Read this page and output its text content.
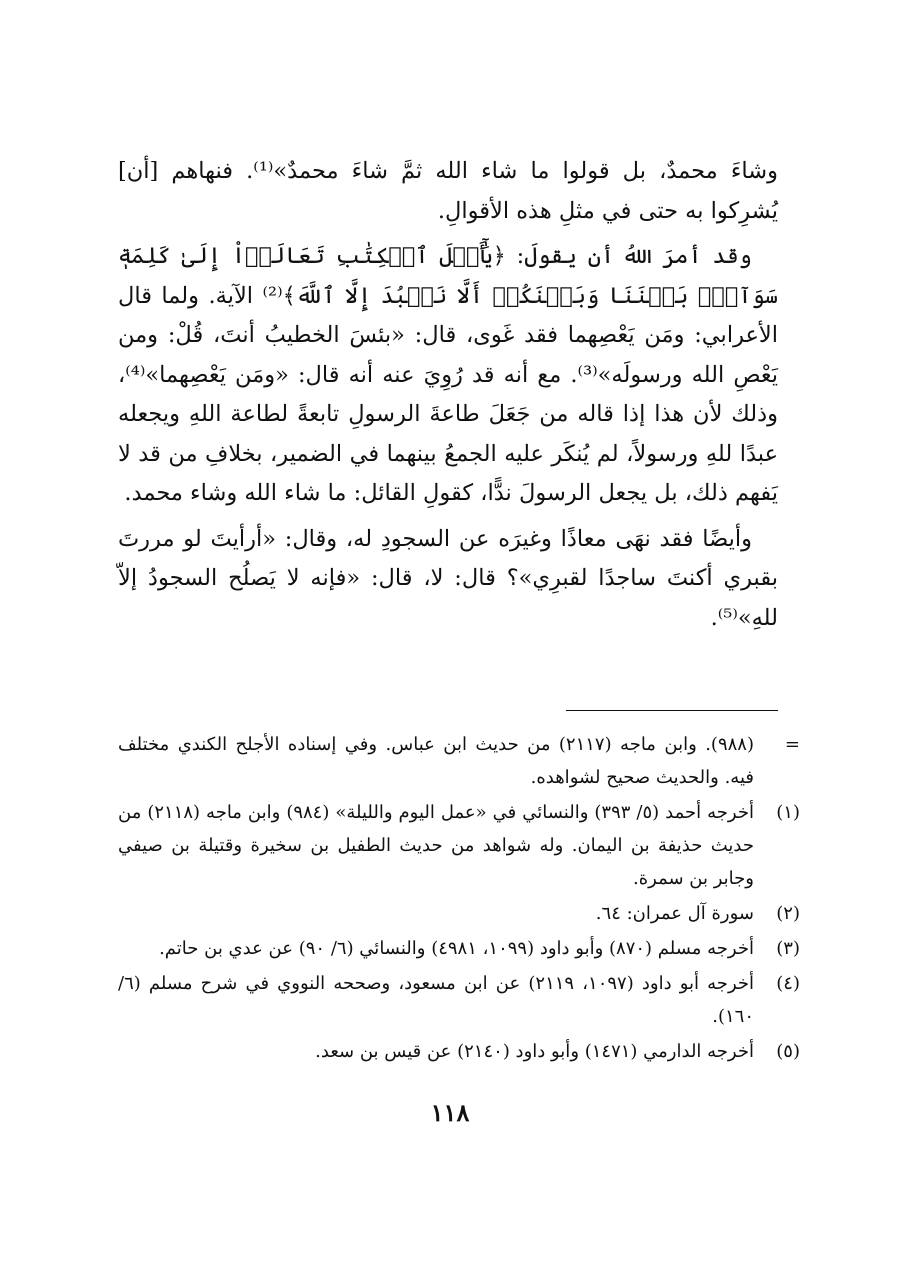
وشاءَ محمدٌ، بل قولوا ما شاء الله ثمَّ شاءَ محمدٌ»⁽¹⁾. فنهاهم [أن] يُشرِكوا به حتى في مثلِ هذه الأقوالِ.

وقد أمرَ اللهُ أن يقولَ: ﴿يَٰٓأَهۡلَ ٱلۡكِتَٰبِ تَعَالَوۡاْ إِلَىٰ كَلِمَةٖ سَوَآءِۭ بَيۡنَنَا وَبَيۡنَكُمۡ أَلَّا نَعۡبُدَ إِلَّا ٱللَّهَ﴾⁽²⁾ الآية. ولما قال الأعرابي: ومَن يَعْصِهما فقد غَوى، قال: «بئسَ الخطيبُ أنتَ، قُلْ: ومن يَعْصِ الله ورسولَه»⁽³⁾. مع أنه قد رُوِيَ عنه أنه قال: «ومَن يَعْصِهما»⁽⁴⁾، وذلك لأن هذا إذا قاله من جَعَلَ طاعةَ الرسولِ تابعةً لطاعة اللهِ ويجعله عبدًا للهِ ورسولاً، لم يُنكَر عليه الجمعُ بينهما في الضمير، بخلافِ من قد لا يَفهم ذلك، بل يجعل الرسولَ ندًّا، كقولِ القائل: ما شاء الله وشاء محمد.

وأيضًا فقد نهَى معاذًا وغيرَه عن السجودِ له، وقال: «أرأيتَ لو مررتَ بقبري أكنتَ ساجدًا لقبرِي»؟ قال: لا، قال: «فإنه لا يَصلُح السجودُ إلاّ للهِ»⁽⁵⁾.

=
(٩٨٨). وابن ماجه (٢١١٧) من حديث ابن عباس. وفي إسناده الأجلح الكندي مختلف فيه. والحديث صحيح لشواهده.
(١)
أخرجه أحمد (٥/ ٣٩٣) والنسائي في «عمل اليوم والليلة» (٩٨٤) وابن ماجه (٢١١٨) من حديث حذيفة بن اليمان. وله شواهد من حديث الطفيل بن سخيرة وقتيلة بن صيفي وجابر بن سمرة.
(٢)
سورة آل عمران: ٦٤.
(٣)
أخرجه مسلم (٨٧٠) وأبو داود (١٠٩٩، ٤٩٨١) والنسائي (٦/ ٩٠) عن عدي بن حاتم.
(٤)
أخرجه أبو داود (١٠٩٧، ٢١١٩) عن ابن مسعود، وصححه النووي في شرح مسلم (٦/ ١٦٠).
(٥)
أخرجه الدارمي (١٤٧١) وأبو داود (٢١٤٠) عن قيس بن سعد.
١١٨
